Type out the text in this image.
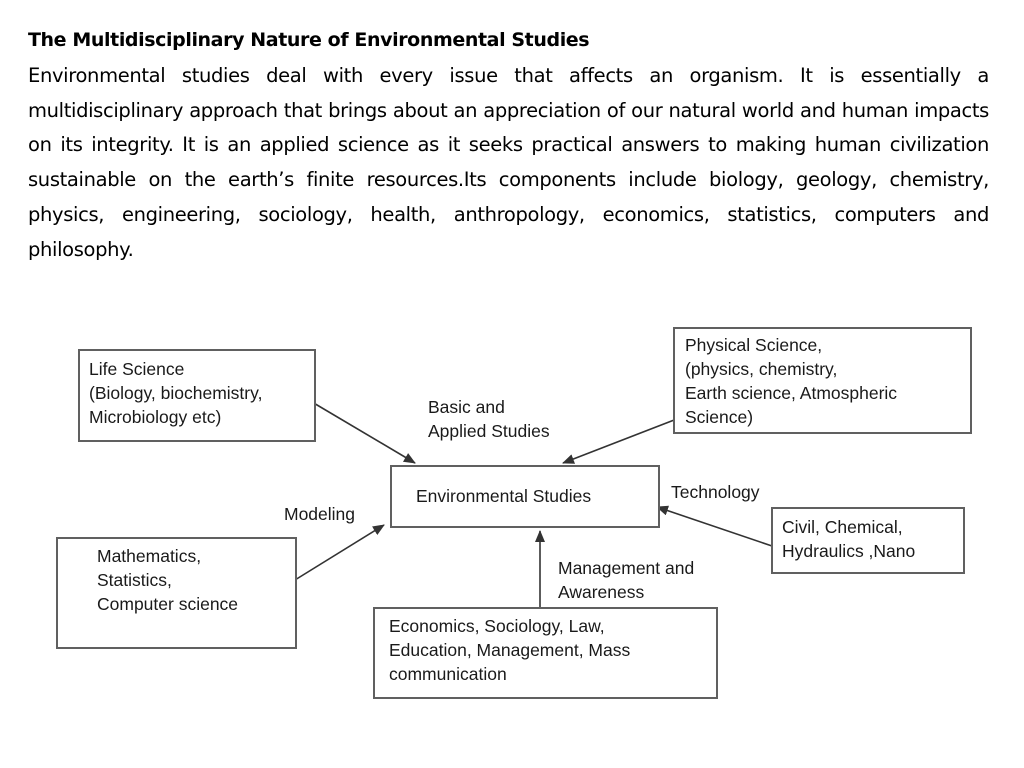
The Multidisciplinary Nature of Environmental Studies

Environmental studies deal with every issue that affects an organism. It is essentially a multidisciplinary approach that brings about an appreciation of our natural world and human impacts on its integrity. It is an applied science as it seeks practical answers to making human civilization sustainable on the earth’s finite resources.Its components include biology, geology, chemistry, physics, engineering, sociology, health, anthropology, economics, statistics, computers and philosophy.

Life Science
(Biology, biochemistry,
Microbiology etc)
Physical Science,
(physics, chemistry,
Earth science, Atmospheric
Science)
Environmental Studies
Mathematics,
Statistics,
Computer science
Civil, Chemical,
Hydraulics ,Nano
Economics, Sociology, Law,
Education, Management, Mass
communication
Basic and
Applied Studies
Modeling
Technology
Management and
Awareness
